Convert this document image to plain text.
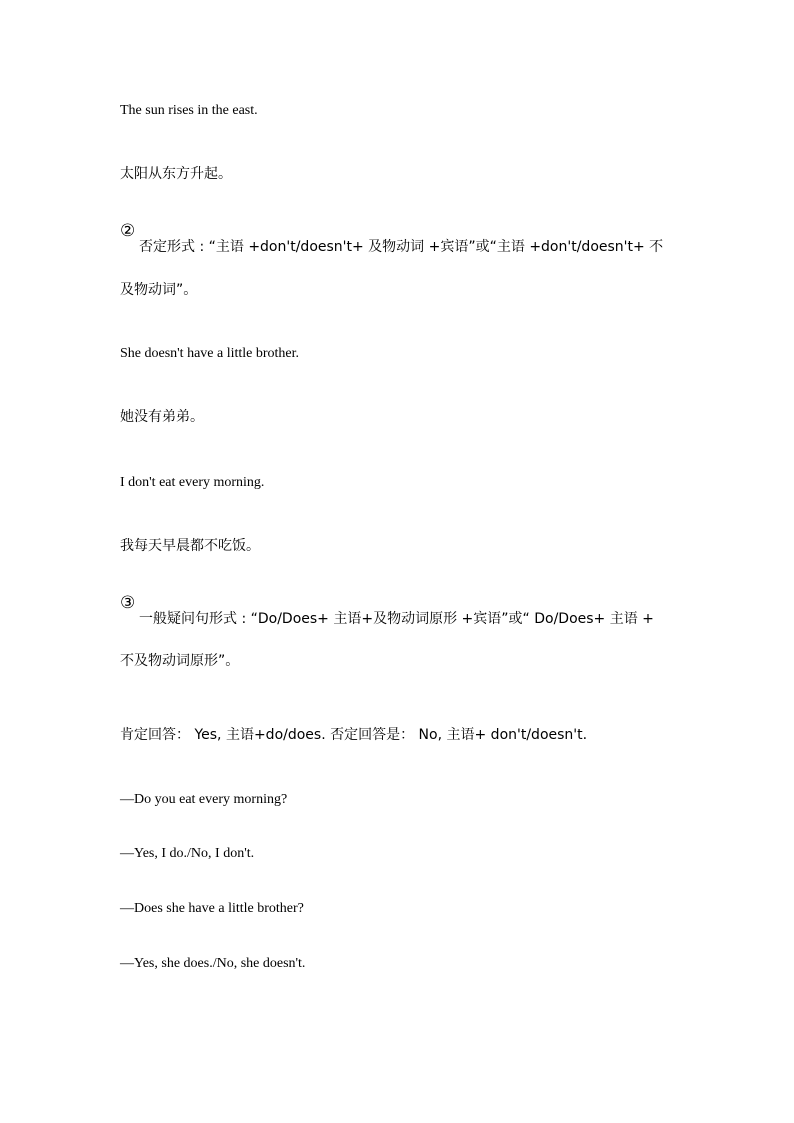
The sun rises in the east.
太阳从东方升起。
②
否定形式 : “主语 +don't/doesn't+ 及物动词 +宾语”或“主语 +don't/doesn't+ 不
及物动词”。
She doesn't have a little brother.
她没有弟弟。
I don't eat every morning.
我每天早晨都不吃饭。
③
一般疑问句形式 : “Do/Does+ 主语+及物动词原形 +宾语”或“ Do/Does+ 主语 +
不及物动词原形”。
肯定回答： Yes, 主语+do/does. 否定回答是： No, 主语+ don't/doesn't.
—Do you eat every morning?
—Yes, I do./No, I don't.
—Does she have a little brother?
—Yes, she does./No, she doesn't.
